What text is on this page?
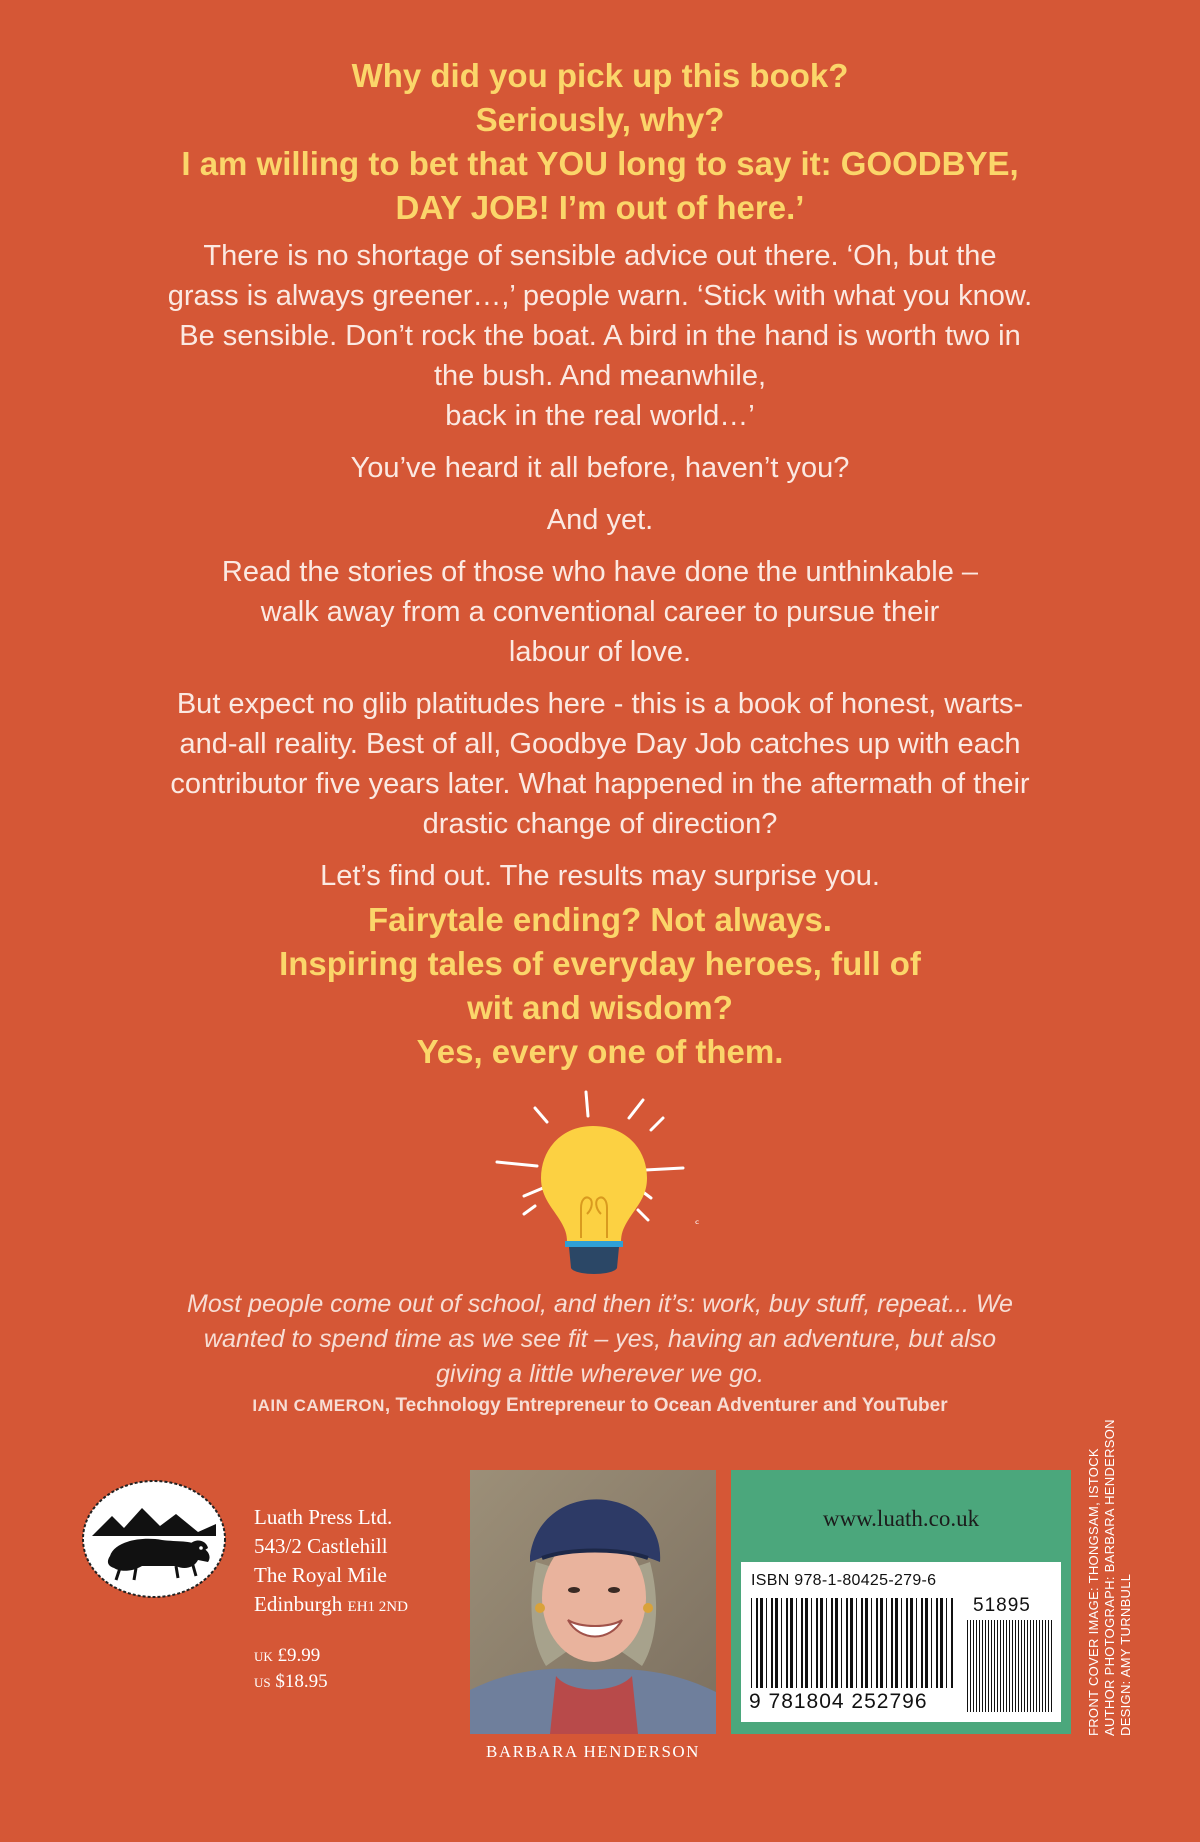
Why did you pick up this book?
Seriously, why?
I am willing to bet that YOU long to say it: GOODBYE,
DAY JOB! I’m out of here.’

There is no shortage of sensible advice out there. ‘Oh, but the
grass is always greener…,’ people warn. ‘Stick with what you know.
Be sensible. Don’t rock the boat. A bird in the hand is worth two in
the bush. And meanwhile,
back in the real world…’

You’ve heard it all before, haven’t you?

And yet.

Read the stories of those who have done the unthinkable –
walk away from a conventional career to pursue their
labour of love.

But expect no glib platitudes here - this is a book of honest, warts-
and-all reality. Best of all, Goodbye Day Job catches up with each
contributor five years later. What happened in the aftermath of their
drastic change of direction?

Let’s find out. The results may surprise you.

Fairytale ending? Not always.
Inspiring tales of everyday heroes, full of
wit and wisdom?
Yes, every one of them.
ᶜ
Most people come out of school, and then it’s: work, buy stuff, repeat... We
wanted to spend time as we see fit – yes, having an adventure, but also
giving a little wherever we go.
IAIN CAMERON, Technology Entrepreneur to Ocean Adventurer and YouTuber
Luath Press Ltd.
543/2 Castlehill
The Royal Mile
Edinburgh EH1 2ND
UK £9.99
US $18.95
BARBARA HENDERSON
www.luath.co.uk
ISBN 978-1-80425-279-6
51895
9 781804 252796	FRONT COVER IMAGE: THONGSAM, ISTOCK AUTHOR PHOTOGRAPH: BARBARA HENDERSON DESIGN: AMY TURNBULL
